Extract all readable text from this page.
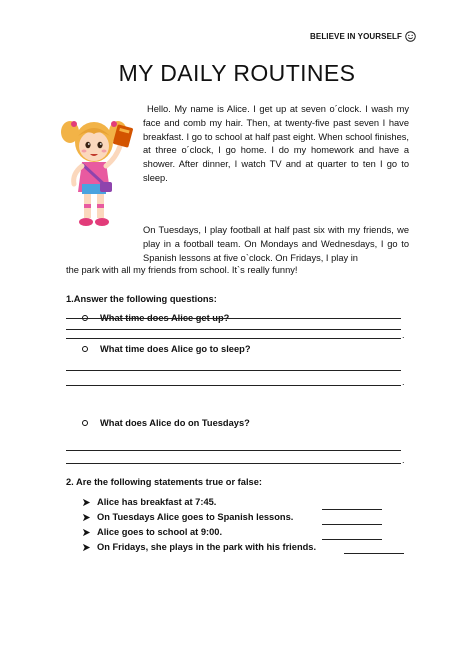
BELIEVE IN YOURSELF
MY DAILY ROUTINES

Hello. My name is Alice. I get up at seven o´clock. I wash my face and comb my hair. Then, at twenty-five past seven I have breakfast. I go to school at half past eight. When school finishes, at three o´clock, I go home. I do my homework and have a shower. After dinner, I watch TV and at quarter to ten I go to sleep.

On Tuesdays, I play football at half past six with my friends, we play in a football team. On Mondays and Wednesdays, I go to Spanish lessons at five o`clock. On Fridays, I play in

the park with all my friends from school. It`s really funny!

1.Answer the following questions:

What time does Alice get up?
.
What time does Alice go to sleep?
.
What does Alice do on Tuesdays?
.

2. Are the following statements true or false:

Alice has breakfast at 7:45.
On Tuesdays Alice goes to Spanish lessons.
Alice goes to school at 9:00.
On Fridays, she plays in the park with his friends.
